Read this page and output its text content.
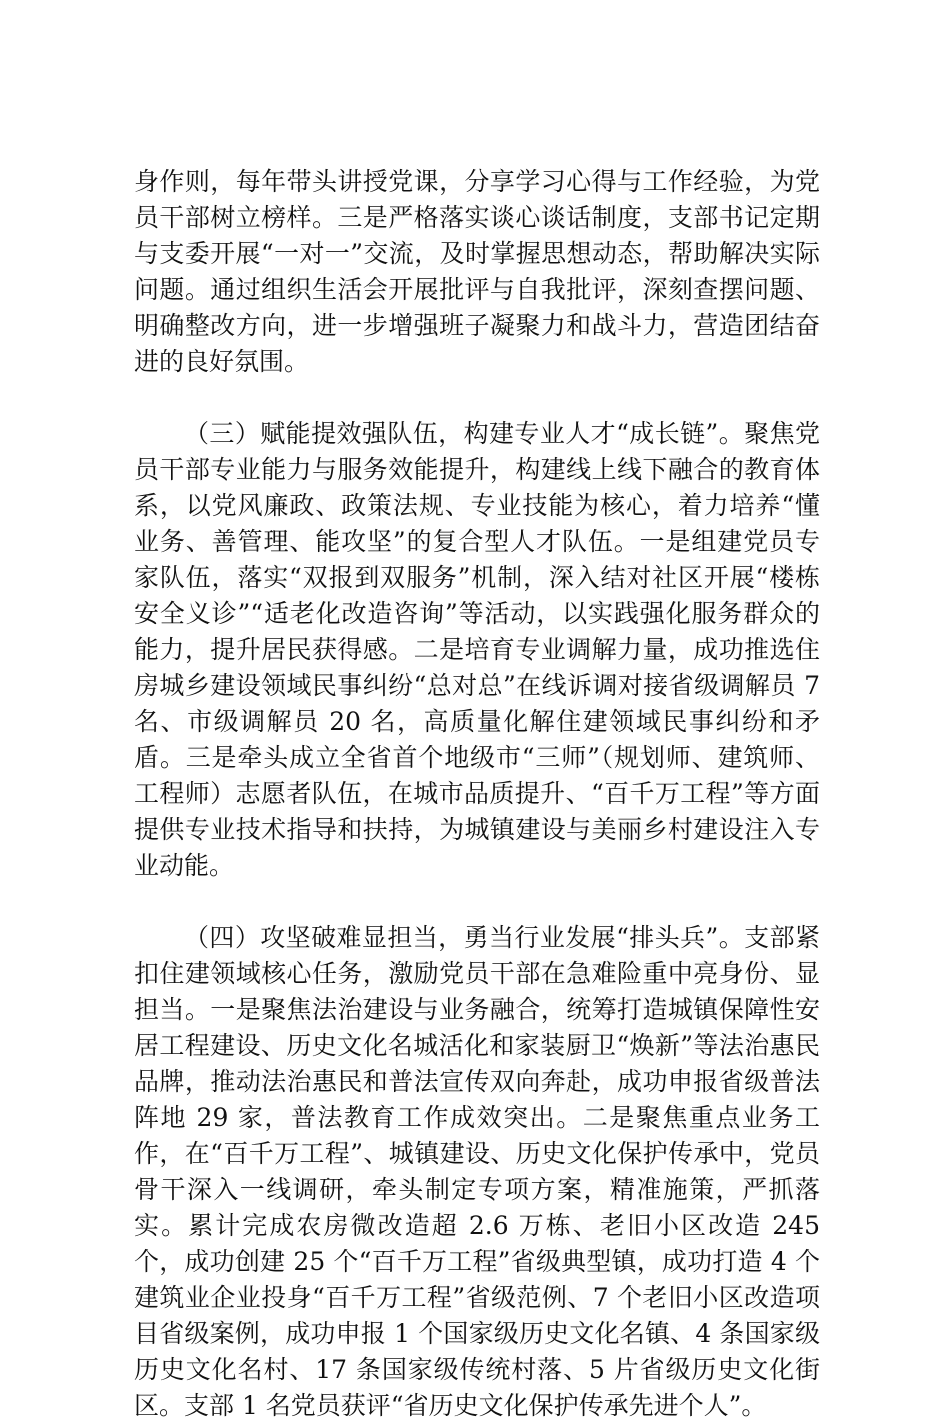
身作则，每年带头讲授党课，分享学习心得与工作经验，为党员干部树立榜样。三是严格落实谈心谈话制度，支部书记定期与支委开展“一对一”交流，及时掌握思想动态，帮助解决实际问题。通过组织生活会开展批评与自我批评，深刻查摆问题、明确整改方向，进一步增强班子凝聚力和战斗力，营造团结奋进的良好氛围。

（三）赋能提效强队伍，构建专业人才“成长链”。聚焦党员干部专业能力与服务效能提升，构建线上线下融合的教育体系，以党风廉政、政策法规、专业技能为核心，着力培养“懂业务、善管理、能攻坚”的复合型人才队伍。一是组建党员专家队伍，落实“双报到双服务”机制，深入结对社区开展“楼栋安全义诊”“适老化改造咨询”等活动，以实践强化服务群众的能力，提升居民获得感。二是培育专业调解力量，成功推选住房城乡建设领域民事纠纷“总对总”在线诉调对接省级调解员 7 名、市级调解员 20 名，高质量化解住建领域民事纠纷和矛盾。三是牵头成立全省首个地级市“三师”（规划师、建筑师、工程师）志愿者队伍，在城市品质提升、“百千万工程”等方面提供专业技术指导和扶持，为城镇建设与美丽乡村建设注入专业动能。

（四）攻坚破难显担当，勇当行业发展“排头兵”。支部紧扣住建领域核心任务，激励党员干部在急难险重中亮身份、显担当。一是聚焦法治建设与业务融合，统筹打造城镇保障性安居工程建设、历史文化名城活化和家装厨卫“焕新”等法治惠民品牌，推动法治惠民和普法宣传双向奔赴，成功申报省级普法阵地 29 家，普法教育工作成效突出。二是聚焦重点业务工作，在“百千万工程”、城镇建设、历史文化保护传承中，党员骨干深入一线调研，牵头制定专项方案，精准施策，严抓落实。累计完成农房微改造超 2.6 万栋、老旧小区改造 245 个，成功创建 25 个“百千万工程”省级典型镇，成功打造 4 个建筑业企业投身“百千万工程”省级范例、7 个老旧小区改造项目省级案例，成功申报 1 个国家级历史文化名镇、4 条国家级历史文化名村、17 条国家级传统村落、5 片省级历史文化街区。支部 1 名党员获评“省历史文化保护传承先进个人”。
